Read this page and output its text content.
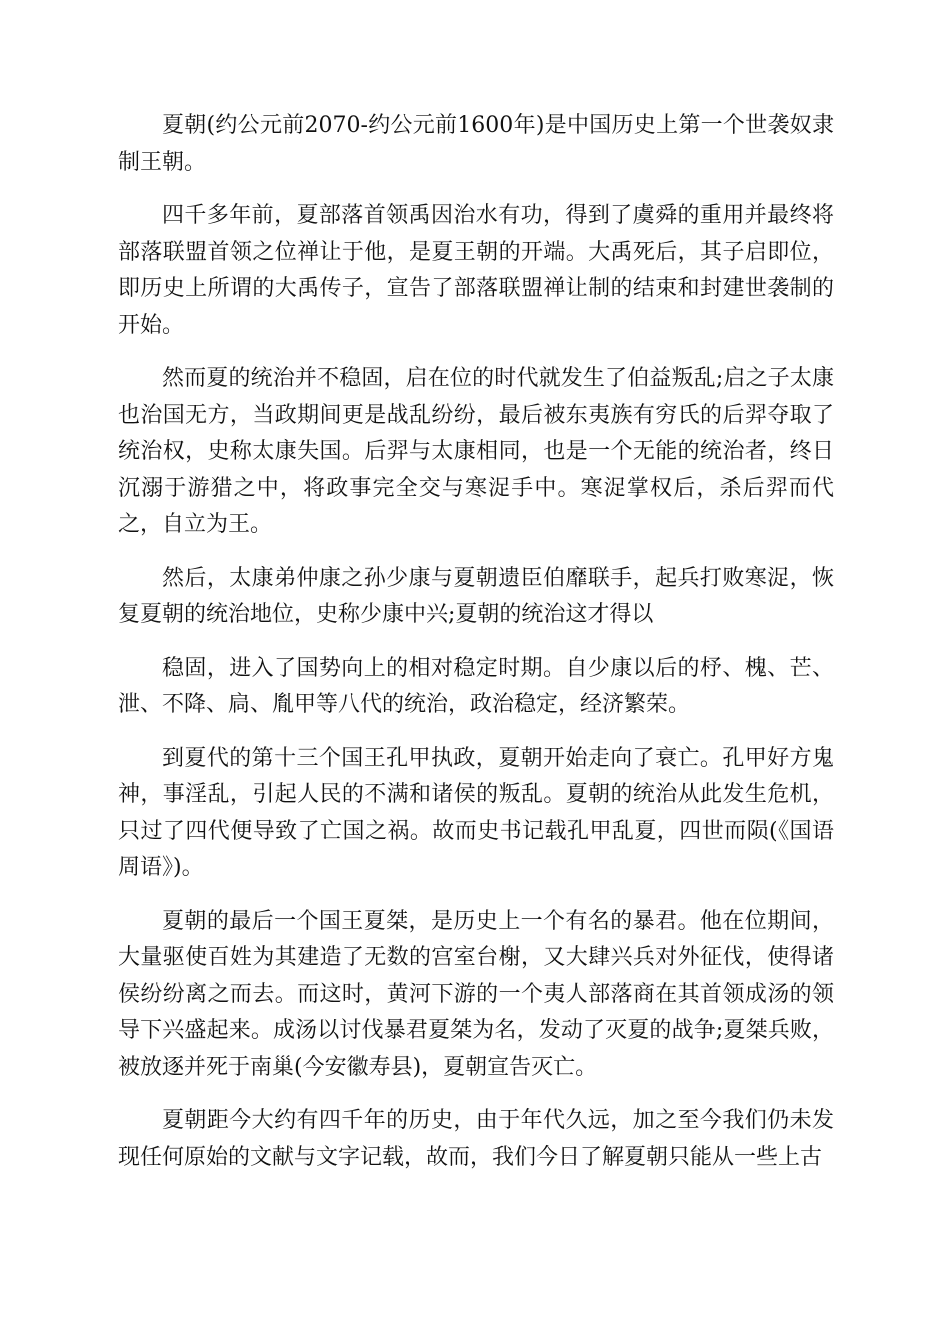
夏朝(约公元前2070-约公元前1600年)是中国历史上第一个世袭奴隶制王朝。

四千多年前，夏部落首领禹因治水有功，得到了虞舜的重用并最终将部落联盟首领之位禅让于他，是夏王朝的开端。大禹死后，其子启即位，即历史上所谓的大禹传子，宣告了部落联盟禅让制的结束和封建世袭制的开始。

然而夏的统治并不稳固，启在位的时代就发生了伯益叛乱;启之子太康也治国无方，当政期间更是战乱纷纷，最后被东夷族有穷氏的后羿夺取了统治权，史称太康失国。后羿与太康相同，也是一个无能的统治者，终日沉溺于游猎之中，将政事完全交与寒浞手中。寒浞掌权后，杀后羿而代之，自立为王。

然后，太康弟仲康之孙少康与夏朝遗臣伯靡联手，起兵打败寒浞，恢复夏朝的统治地位，史称少康中兴;夏朝的统治这才得以

稳固，进入了国势向上的相对稳定时期。自少康以后的杼、槐、芒、泄、不降、扃、胤甲等八代的统治，政治稳定，经济繁荣。

到夏代的第十三个国王孔甲执政，夏朝开始走向了衰亡。孔甲好方鬼神，事淫乱，引起人民的不满和诸侯的叛乱。夏朝的统治从此发生危机，只过了四代便导致了亡国之祸。故而史书记载孔甲乱夏，四世而陨(《国语周语》)。

夏朝的最后一个国王夏桀，是历史上一个有名的暴君。他在位期间，大量驱使百姓为其建造了无数的宫室台榭，又大肆兴兵对外征伐，使得诸侯纷纷离之而去。而这时，黄河下游的一个夷人部落商在其首领成汤的领导下兴盛起来。成汤以讨伐暴君夏桀为名，发动了灭夏的战争;夏桀兵败，被放逐并死于南巢(今安徽寿县)，夏朝宣告灭亡。

夏朝距今大约有四千年的历史，由于年代久远，加之至今我们仍未发现任何原始的文献与文字记载，故而，我们今日了解夏朝只能从一些上古
